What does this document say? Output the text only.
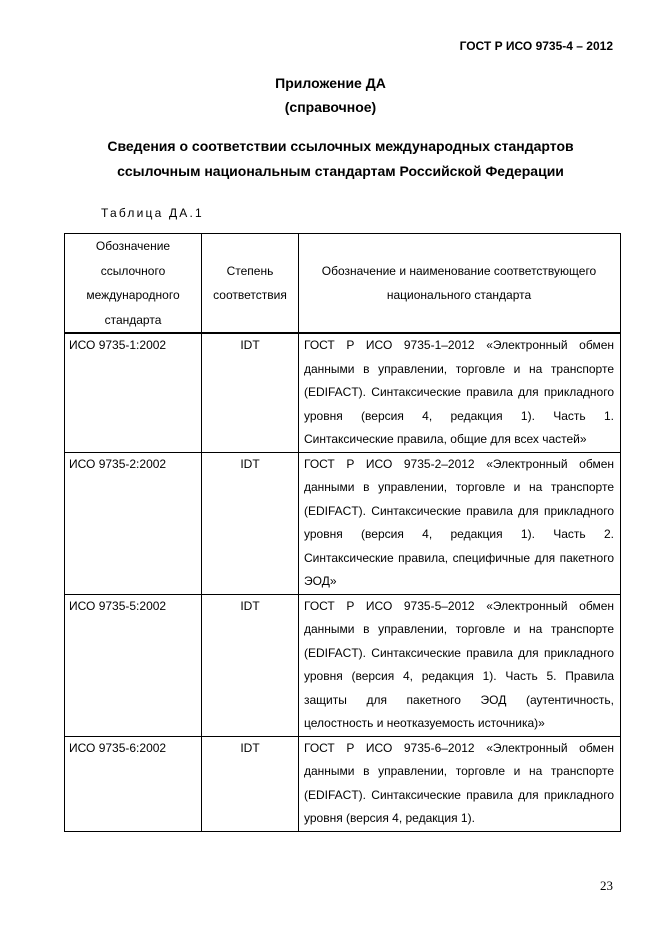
ГОСТ Р ИСО 9735-4 – 2012
Приложение ДА
(справочное)
Сведения о соответствии ссылочных международных стандартов
ссылочным национальным стандартам Российской Федерации
Таблица ДА.1
Обозначение ссылочного международного стандарта	Степень соответствия	Обозначение и наименование соответствующего национального стандарта
ИСО 9735-1:2002	IDT	ГОСТ Р ИСО 9735-1–2012 «Электронный обмен данными в управлении, торговле и на транспорте (EDIFACT). Синтаксические правила для прикладного уровня (версия 4, редакция 1). Часть 1. Синтаксические правила, общие для всех частей»
ИСО 9735-2:2002	IDT	ГОСТ Р ИСО 9735-2–2012 «Электронный обмен данными в управлении, торговле и на транспорте (EDIFACT). Синтаксические правила для прикладного уровня (версия 4, редакция 1). Часть 2. Синтаксические правила, специфичные для пакетного ЭОД»
ИСО 9735-5:2002	IDT	ГОСТ Р ИСО 9735-5–2012 «Электронный обмен данными в управлении, торговле и на транспорте (EDIFACT). Синтаксические правила для прикладного уровня (версия 4, редакция 1). Часть 5. Правила защиты для пакетного ЭОД (аутентичность, целостность и неотказуемость источника)»
ИСО 9735-6:2002	IDT	ГОСТ Р ИСО 9735-6–2012 «Электронный обмен данными в управлении, торговле и на транспорте (EDIFACT). Синтаксические правила для прикладного уровня (версия 4, редакция 1).
23
